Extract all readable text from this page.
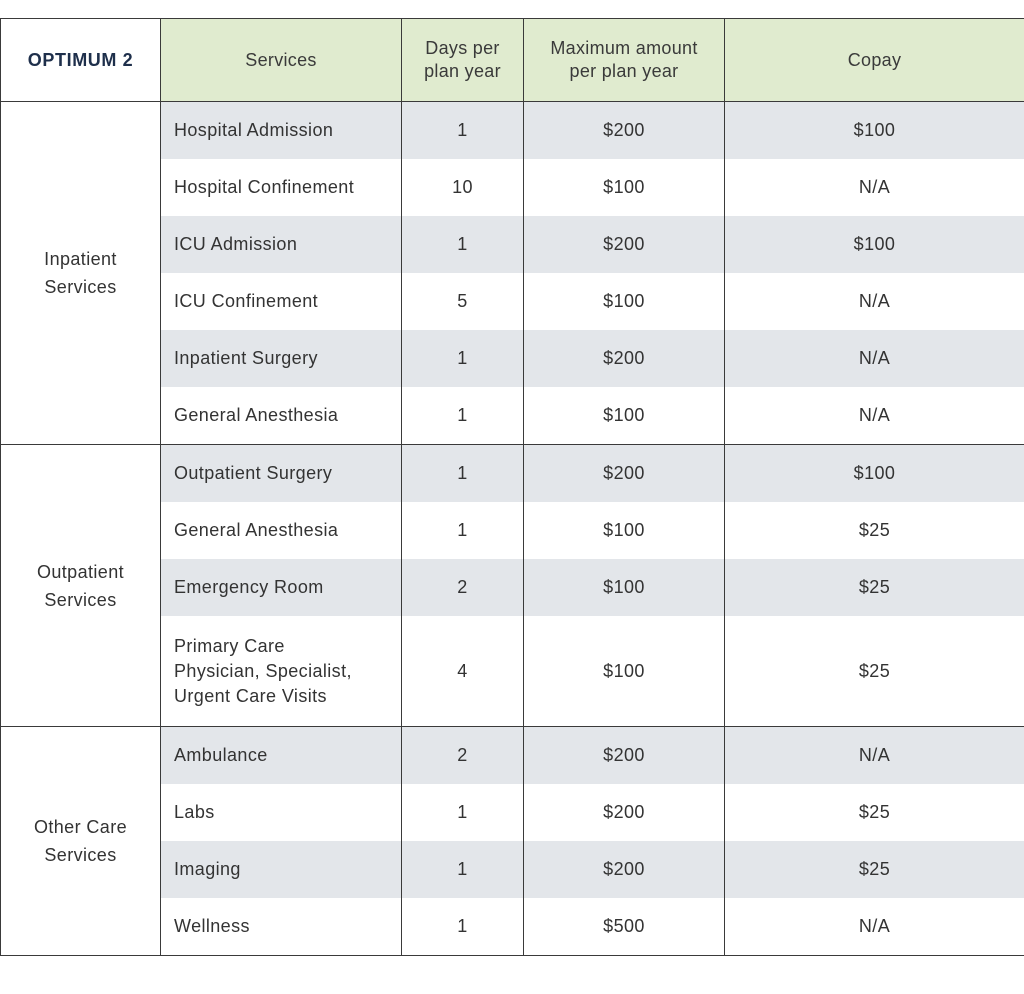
OPTIMUM 2	Services	Days per
plan year	Maximum amount
per plan year	Copay
Inpatient
Services	Hospital Admission	1	$200	$100
	Hospital Confinement	10	$100	N/A
	ICU Admission	1	$200	$100
	ICU Confinement	5	$100	N/A
	Inpatient Surgery	1	$200	N/A
	General Anesthesia	1	$100	N/A
Outpatient
Services	Outpatient Surgery	1	$200	$100
	General Anesthesia	1	$100	$25
	Emergency Room	2	$100	$25
	Primary Care
Physician, Specialist,
Urgent Care Visits	4	$100	$25
Other Care
Services	Ambulance	2	$200	N/A
	Labs	1	$200	$25
	Imaging	1	$200	$25
	Wellness	1	$500	N/A
